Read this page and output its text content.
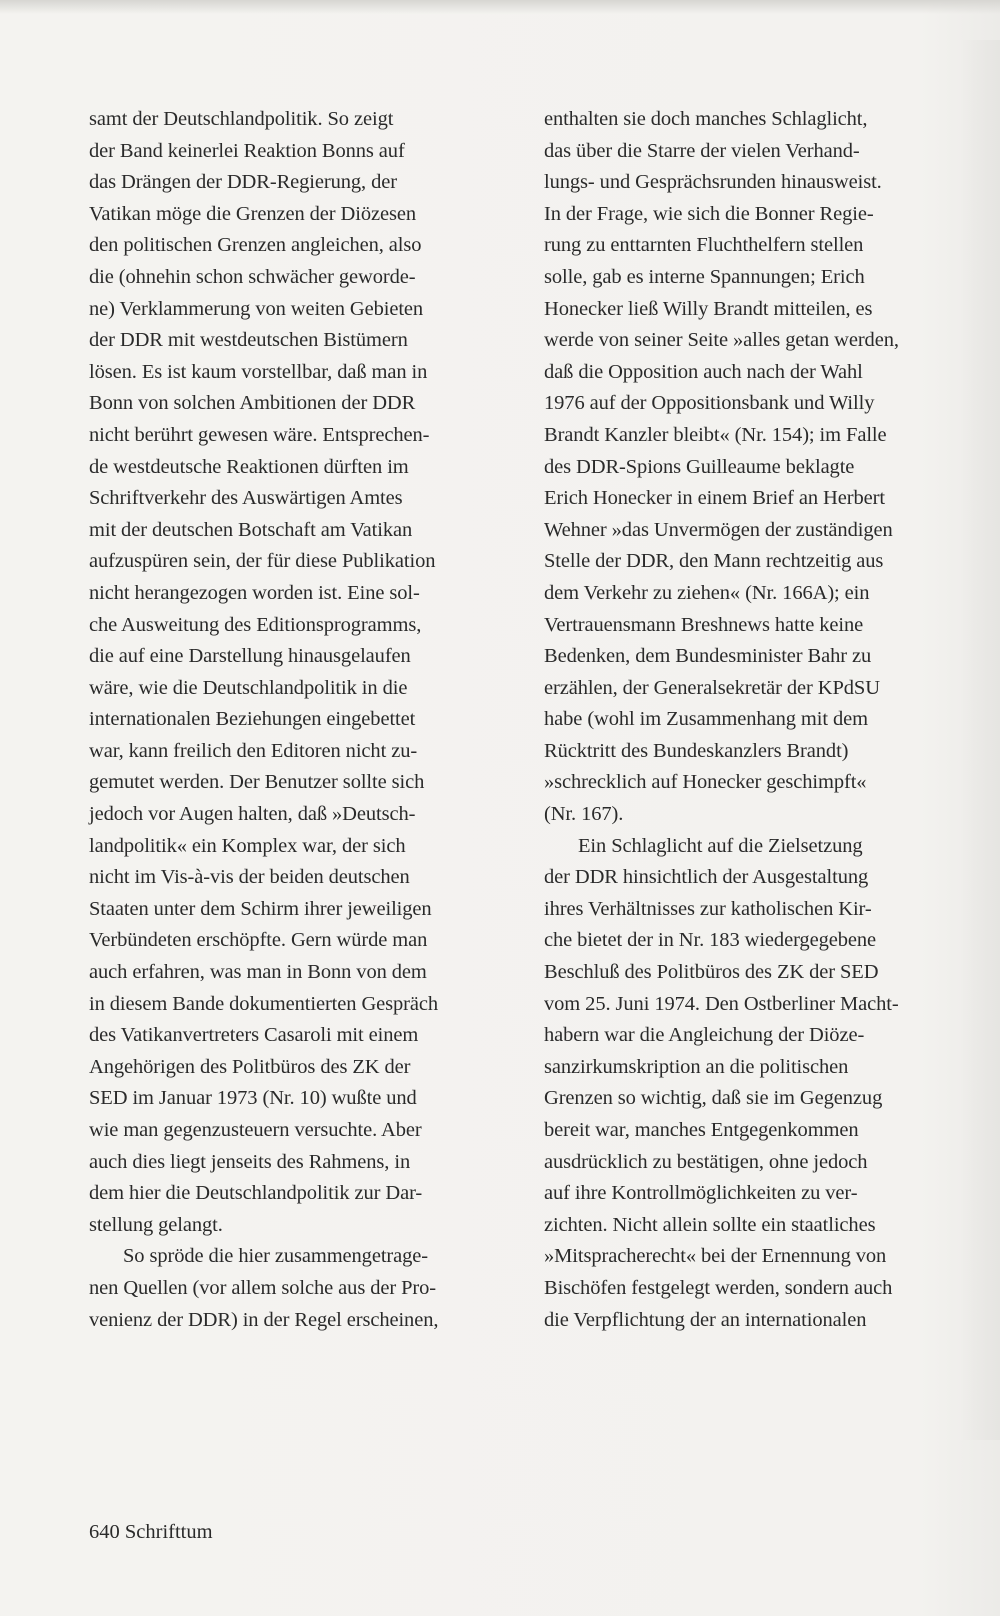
samt der Deutschlandpolitik. So zeigt
der Band keinerlei Reaktion Bonns auf
das Drängen der DDR-Regierung, der
Vatikan möge die Grenzen der Diözesen
den politischen Grenzen angleichen, also
die (ohnehin schon schwächer geworde-
ne) Verklammerung von weiten Gebieten
der DDR mit westdeutschen Bistümern
lösen. Es ist kaum vorstellbar, daß man in
Bonn von solchen Ambitionen der DDR
nicht berührt gewesen wäre. Entsprechen-
de westdeutsche Reaktionen dürften im
Schriftverkehr des Auswärtigen Amtes
mit der deutschen Botschaft am Vatikan
aufzuspüren sein, der für diese Publikation
nicht herangezogen worden ist. Eine sol-
che Ausweitung des Editionsprogramms,
die auf eine Darstellung hinausgelaufen
wäre, wie die Deutschlandpolitik in die
internationalen Beziehungen eingebettet
war, kann freilich den Editoren nicht zu-
gemutet werden. Der Benutzer sollte sich
jedoch vor Augen halten, daß »Deutsch-
landpolitik« ein Komplex war, der sich
nicht im Vis-à-vis der beiden deutschen
Staaten unter dem Schirm ihrer jeweiligen
Verbündeten erschöpfte. Gern würde man
auch erfahren, was man in Bonn von dem
in diesem Bande dokumentierten Gespräch
des Vatikanvertreters Casaroli mit einem
Angehörigen des Politbüros des ZK der
SED im Januar 1973 (Nr. 10) wußte und
wie man gegenzusteuern versuchte. Aber
auch dies liegt jenseits des Rahmens, in
dem hier die Deutschlandpolitik zur Dar-
stellung gelangt.
So spröde die hier zusammengetrage-
nen Quellen (vor allem solche aus der Pro-
venienz der DDR) in der Regel erscheinen,
enthalten sie doch manches Schlaglicht,
das über die Starre der vielen Verhand-
lungs- und Gesprächsrunden hinausweist.
In der Frage, wie sich die Bonner Regie-
rung zu enttarnten Fluchthelfern stellen
solle, gab es interne Spannungen; Erich
Honecker ließ Willy Brandt mitteilen, es
werde von seiner Seite »alles getan werden,
daß die Opposition auch nach der Wahl
1976 auf der Oppositionsbank und Willy
Brandt Kanzler bleibt« (Nr. 154); im Falle
des DDR-Spions Guilleaume beklagte
Erich Honecker in einem Brief an Herbert
Wehner »das Unvermögen der zuständigen
Stelle der DDR, den Mann rechtzeitig aus
dem Verkehr zu ziehen« (Nr. 166A); ein
Vertrauensmann Breshnews hatte keine
Bedenken, dem Bundesminister Bahr zu
erzählen, der Generalsekretär der KPdSU
habe (wohl im Zusammenhang mit dem
Rücktritt des Bundeskanzlers Brandt)
»schrecklich auf Honecker geschimpft«
(Nr. 167).
Ein Schlaglicht auf die Zielsetzung
der DDR hinsichtlich der Ausgestaltung
ihres Verhältnisses zur katholischen Kir-
che bietet der in Nr. 183 wiedergegebene
Beschluß des Politbüros des ZK der SED
vom 25. Juni 1974. Den Ostberliner Macht-
habern war die Angleichung der Diöze-
sanzirkumskription an die politischen
Grenzen so wichtig, daß sie im Gegenzug
bereit war, manches Entgegenkommen
ausdrücklich zu bestätigen, ohne jedoch
auf ihre Kontrollmöglichkeiten zu ver-
zichten. Nicht allein sollte ein staatliches
»Mitspracherecht« bei der Ernennung von
Bischöfen festgelegt werden, sondern auch
die Verpflichtung der an internationalen
640 Schrifttum
